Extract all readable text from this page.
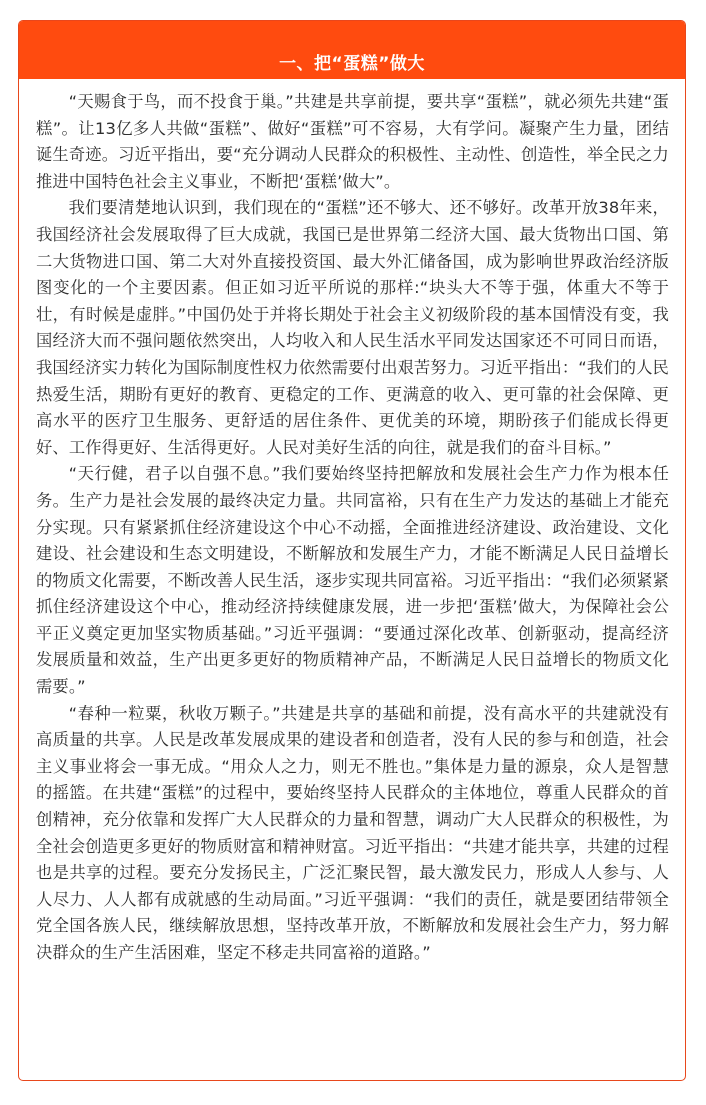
一、把“蛋糕”做大

“天赐食于鸟，而不投食于巢。”共建是共享前提，要共享“蛋糕”，就必须先共建“蛋糕”。让13亿多人共做“蛋糕”、做好“蛋糕”可不容易，大有学问。凝聚产生力量，团结诞生奇迹。习近平指出，要“充分调动人民群众的积极性、主动性、创造性，举全民之力推进中国特色社会主义事业，不断把‘蛋糕’做大”。

我们要清楚地认识到，我们现在的“蛋糕”还不够大、还不够好。改革开放38年来，我国经济社会发展取得了巨大成就，我国已是世界第二经济大国、最大货物出口国、第二大货物进口国、第二大对外直接投资国、最大外汇储备国，成为影响世界政治经济版图变化的一个主要因素。但正如习近平所说的那样:“块头大不等于强，体重大不等于壮，有时候是虚胖。”中国仍处于并将长期处于社会主义初级阶段的基本国情没有变，我国经济大而不强问题依然突出，人均收入和人民生活水平同发达国家还不可同日而语，我国经济实力转化为国际制度性权力依然需要付出艰苦努力。习近平指出：“我们的人民热爱生活，期盼有更好的教育、更稳定的工作、更满意的收入、更可靠的社会保障、更高水平的医疗卫生服务、更舒适的居住条件、更优美的环境，期盼孩子们能成长得更好、工作得更好、生活得更好。人民对美好生活的向往，就是我们的奋斗目标。”

“天行健，君子以自强不息。”我们要始终坚持把解放和发展社会生产力作为根本任务。生产力是社会发展的最终决定力量。共同富裕，只有在生产力发达的基础上才能充分实现。只有紧紧抓住经济建设这个中心不动摇，全面推进经济建设、政治建设、文化建设、社会建设和生态文明建设，不断解放和发展生产力，才能不断满足人民日益增长的物质文化需要，不断改善人民生活，逐步实现共同富裕。习近平指出：“我们必须紧紧抓住经济建设这个中心，推动经济持续健康发展，进一步把‘蛋糕’做大，为保障社会公平正义奠定更加坚实物质基础。”习近平强调：“要通过深化改革、创新驱动，提高经济发展质量和效益，生产出更多更好的物质精神产品，不断满足人民日益增长的物质文化需要。”

“春种一粒粟，秋收万颗子。”共建是共享的基础和前提，没有高水平的共建就没有高质量的共享。人民是改革发展成果的建设者和创造者，没有人民的参与和创造，社会主义事业将会一事无成。“用众人之力，则无不胜也。”集体是力量的源泉，众人是智慧的摇篮。在共建“蛋糕”的过程中，要始终坚持人民群众的主体地位，尊重人民群众的首创精神，充分依靠和发挥广大人民群众的力量和智慧，调动广大人民群众的积极性，为全社会创造更多更好的物质财富和精神财富。习近平指出：“共建才能共享，共建的过程也是共享的过程。要充分发扬民主，广泛汇聚民智，最大激发民力，形成人人参与、人人尽力、人人都有成就感的生动局面。”习近平强调：“我们的责任，就是要团结带领全党全国各族人民，继续解放思想，坚持改革开放，不断解放和发展社会生产力，努力解决群众的生产生活困难，坚定不移走共同富裕的道路。”
